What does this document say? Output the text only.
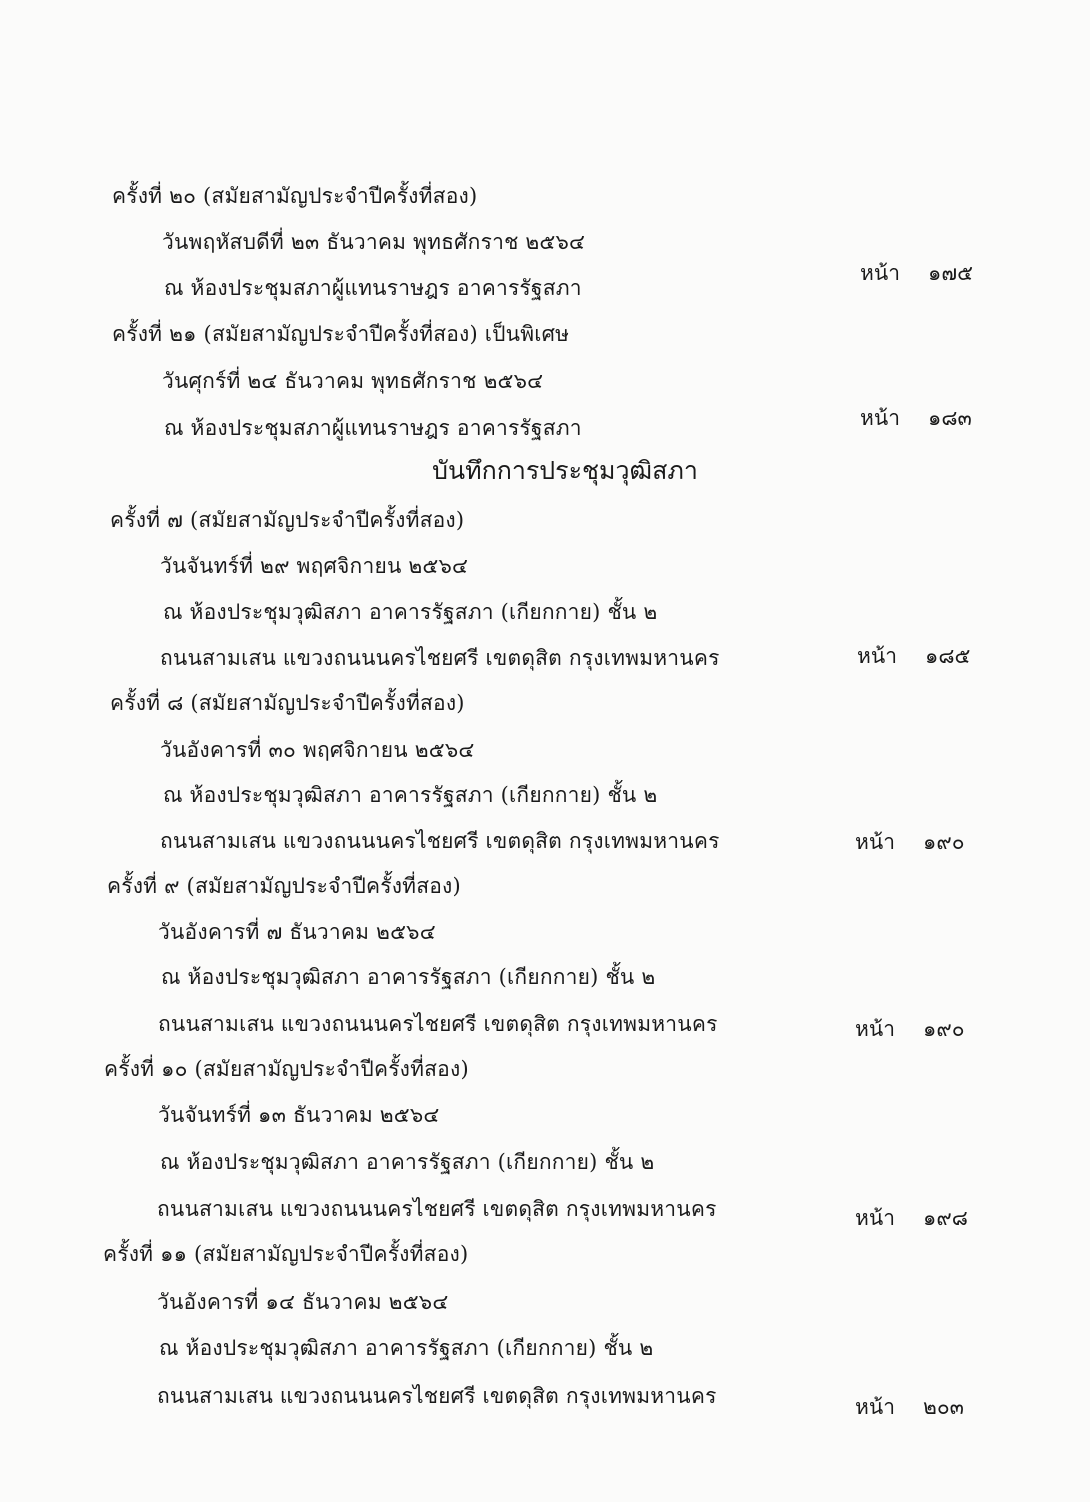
ครั้งที่ ๒๐ (สมัยสามัญประจำปีครั้งที่สอง)
วันพฤหัสบดีที่ ๒๓ ธันวาคม พุทธศักราช ๒๕๖๔
ณ ห้องประชุมสภาผู้แทนราษฎร อาคารรัฐสภา
หน้า ๑๗๕
ครั้งที่ ๒๑ (สมัยสามัญประจำปีครั้งที่สอง) เป็นพิเศษ
วันศุกร์ที่ ๒๔ ธันวาคม พุทธศักราช ๒๕๖๔
ณ ห้องประชุมสภาผู้แทนราษฎร อาคารรัฐสภา	หน้า ๑๘๓
บันทึกการประชุมวุฒิสภา
ครั้งที่ ๗ (สมัยสามัญประจำปีครั้งที่สอง)
วันจันทร์ที่ ๒๙ พฤศจิกายน ๒๕๖๔
ณ ห้องประชุมวุฒิสภา อาคารรัฐสภา (เกียกกาย) ชั้น ๒
ถนนสามเสน แขวงถนนนครไชยศรี เขตดุสิต กรุงเทพมหานคร	หน้า ๑๘๕
ครั้งที่ ๘ (สมัยสามัญประจำปีครั้งที่สอง)
วันอังคารที่ ๓๐ พฤศจิกายน ๒๕๖๔
ณ ห้องประชุมวุฒิสภา อาคารรัฐสภา (เกียกกาย) ชั้น ๒
ถนนสามเสน แขวงถนนนครไชยศรี เขตดุสิต กรุงเทพมหานคร	หน้า ๑๙๐
ครั้งที่ ๙ (สมัยสามัญประจำปีครั้งที่สอง)
วันอังคารที่ ๗ ธันวาคม ๒๕๖๔
ณ ห้องประชุมวุฒิสภา อาคารรัฐสภา (เกียกกาย) ชั้น ๒
ถนนสามเสน แขวงถนนนครไชยศรี เขตดุสิต กรุงเทพมหานคร	หน้า ๑๙๐
ครั้งที่ ๑๐ (สมัยสามัญประจำปีครั้งที่สอง)
วันจันทร์ที่ ๑๓ ธันวาคม ๒๕๖๔
ณ ห้องประชุมวุฒิสภา อาคารรัฐสภา (เกียกกาย) ชั้น ๒
ถนนสามเสน แขวงถนนนครไชยศรี เขตดุสิต กรุงเทพมหานคร	หน้า ๑๙๘
ครั้งที่ ๑๑ (สมัยสามัญประจำปีครั้งที่สอง)
วันอังคารที่ ๑๔ ธันวาคม ๒๕๖๔
ณ ห้องประชุมวุฒิสภา อาคารรัฐสภา (เกียกกาย) ชั้น ๒
ถนนสามเสน แขวงถนนนครไชยศรี เขตดุสิต กรุงเทพมหานคร	หน้า ๒๐๓
